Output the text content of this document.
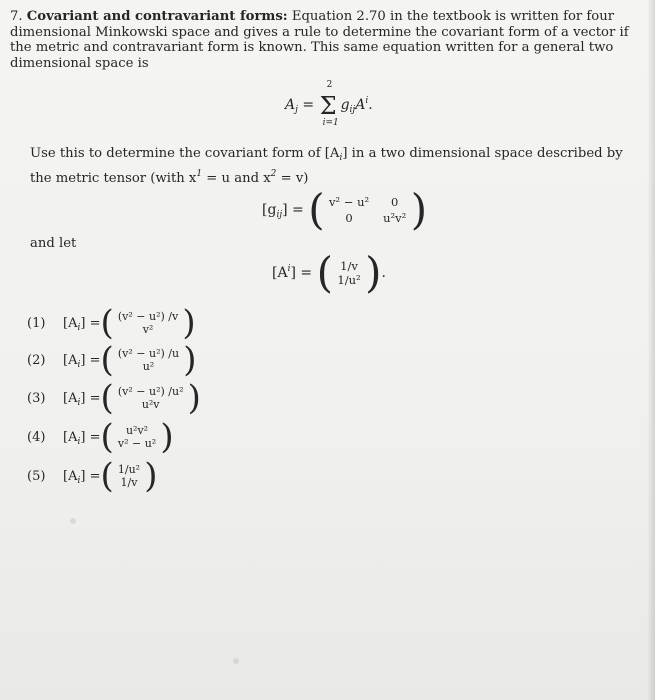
7. Covariant and contravariant forms: Equation 2.70 in the textbook is written for four dimensional Minkowski space and gives a rule to determine the covariant form of a vector if the metric and contravariant form is known. This same equation written for a general two dimensional space is
$A_j$ =
2
Σ
i=1
$g_{ij}A^i$.
Use this to determine the covariant form of $[A_i]$ in a two dimensional space described by the metric tensor (with $x^1 = u$ and $x^2 = v$)
$[g_{ij}]$ = ( v² − u²	0
0	u²v² )
and let
$[A^i]$ = ( 1/v
1/u² ).
(1) $[A_i]$ =( (v² − u²) /v
v² )
(2) $[A_i]$ =( (v² − u²) /u
u² )
(3) $[A_i]$ =( (v² − u²) /u²
u²v )
(4) $[A_i]$ =(	u²v²
v² − u² )
(5) $[A_i]$ =( 1/u²
1/v )
